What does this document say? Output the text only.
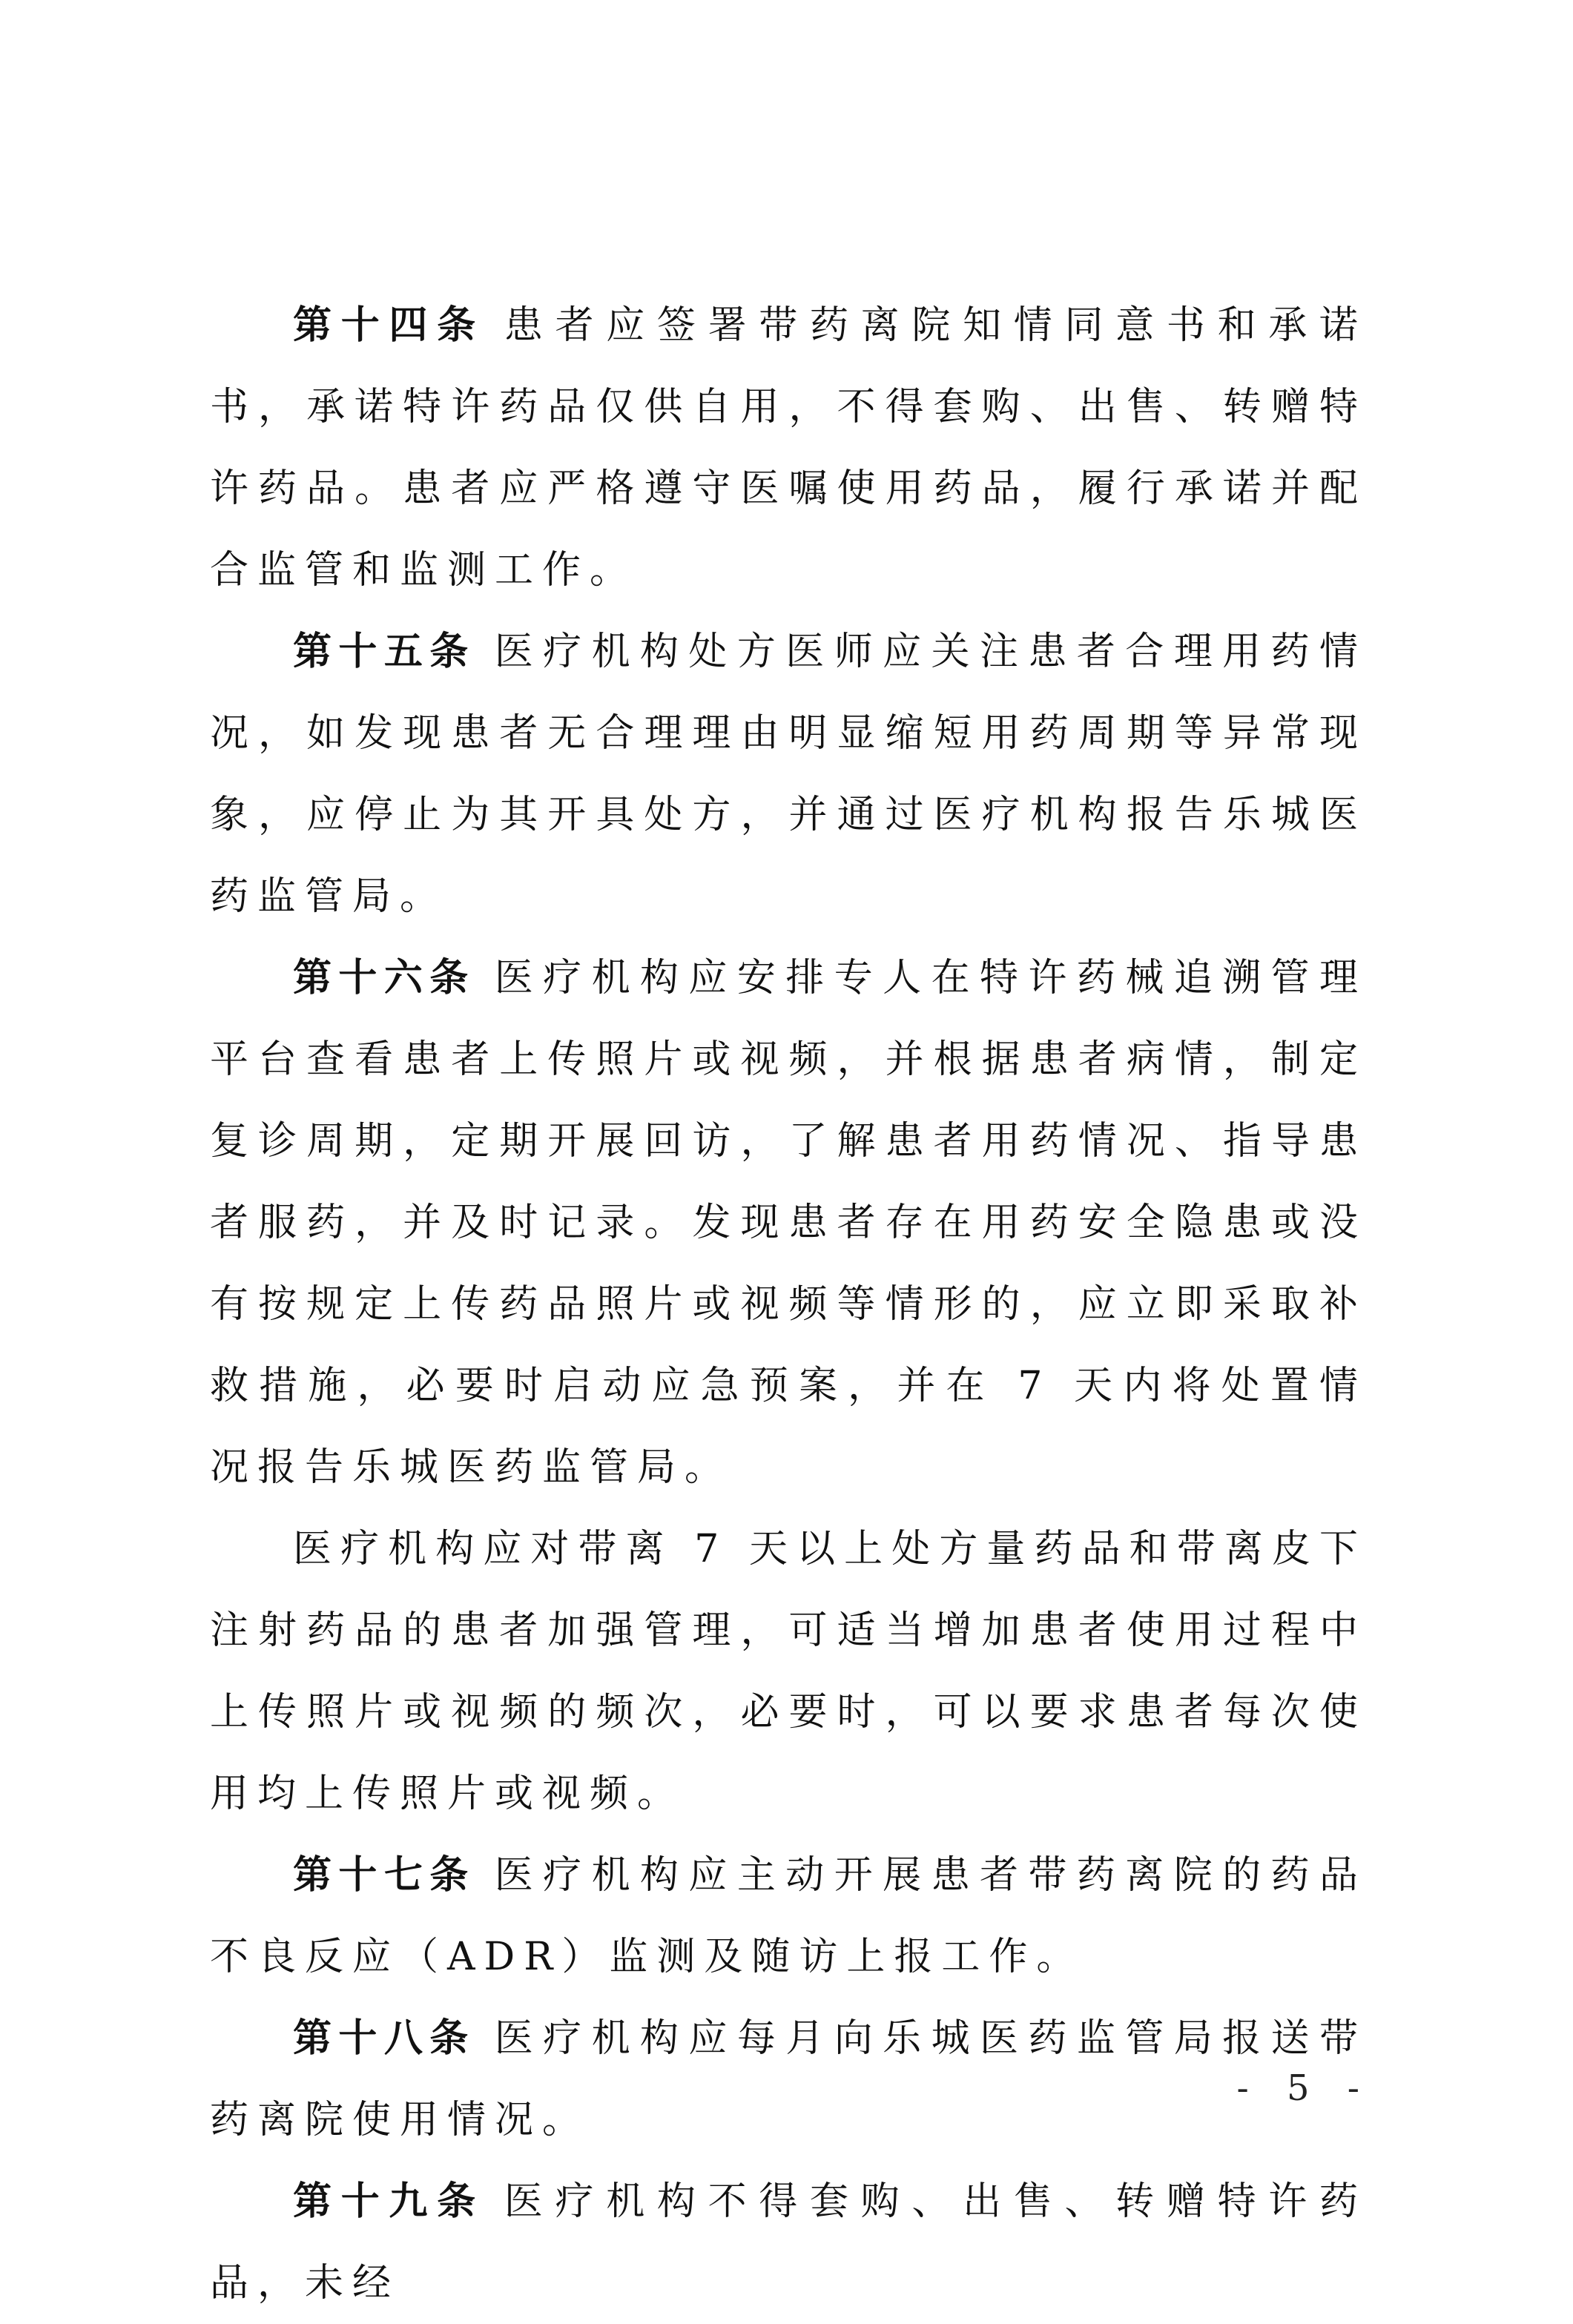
第十四条 患者应签署带药离院知情同意书和承诺书，承诺特许药品仅供自用，不得套购、出售、转赠特许药品。患者应严格遵守医嘱使用药品，履行承诺并配合监管和监测工作。

第十五条 医疗机构处方医师应关注患者合理用药情况，如发现患者无合理理由明显缩短用药周期等异常现象，应停止为其开具处方，并通过医疗机构报告乐城医药监管局。

第十六条 医疗机构应安排专人在特许药械追溯管理平台查看患者上传照片或视频，并根据患者病情，制定复诊周期，定期开展回访，了解患者用药情况、指导患者服药，并及时记录。发现患者存在用药安全隐患或没有按规定上传药品照片或视频等情形的，应立即采取补救措施，必要时启动应急预案，并在 7 天内将处置情况报告乐城医药监管局。

医疗机构应对带离 7 天以上处方量药品和带离皮下注射药品的患者加强管理，可适当增加患者使用过程中上传照片或视频的频次，必要时，可以要求患者每次使用均上传照片或视频。

第十七条 医疗机构应主动开展患者带药离院的药品不良反应（ADR）监测及随访上报工作。

第十八条 医疗机构应每月向乐城医药监管局报送带药离院使用情况。

第十九条 医疗机构不得套购、出售、转赠特许药品，未经

- 5 -
